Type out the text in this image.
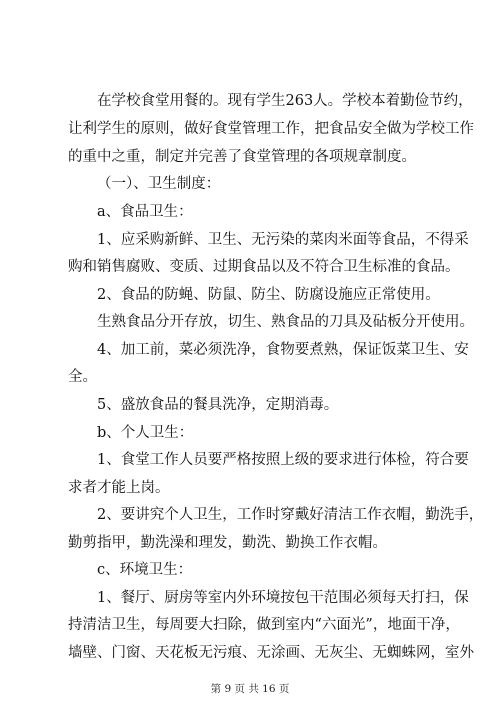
在学校食堂用餐的。现有学生263人。学校本着勤俭节约，
让利学生的原则，做好食堂管理工作，把食品安全做为学校工作
的重中之重，制定并完善了食堂管理的各项规章制度。
（一）、卫生制度：
a、食品卫生：
1、应采购新鲜、卫生、无污染的菜肉米面等食品，不得采
购和销售腐败、变质、过期食品以及不符合卫生标准的食品。
2、食品的防蝇、防鼠、防尘、防腐设施应正常使用。
生熟食品分开存放，切生、熟食品的刀具及砧板分开使用。
4、加工前，菜必须洗净，食物要煮熟，保证饭菜卫生、安
全。
5、盛放食品的餐具洗净，定期消毒。
b、个人卫生：
1、食堂工作人员要严格按照上级的要求进行体检，符合要
求者才能上岗。
2、要讲究个人卫生，工作时穿戴好清洁工作衣帽，勤洗手，
勤剪指甲，勤洗澡和理发，勤洗、勤换工作衣帽。
c、环境卫生：
1、餐厅、厨房等室内外环境按包干范围必须每天打扫，保
持清洁卫生，每周要大扫除，做到室内“六面光”，地面干净，
墙壁、门窗、天花板无污痕、无涂画、无灰尘、无蜘蛛网，室外
第 9 页 共 16 页
